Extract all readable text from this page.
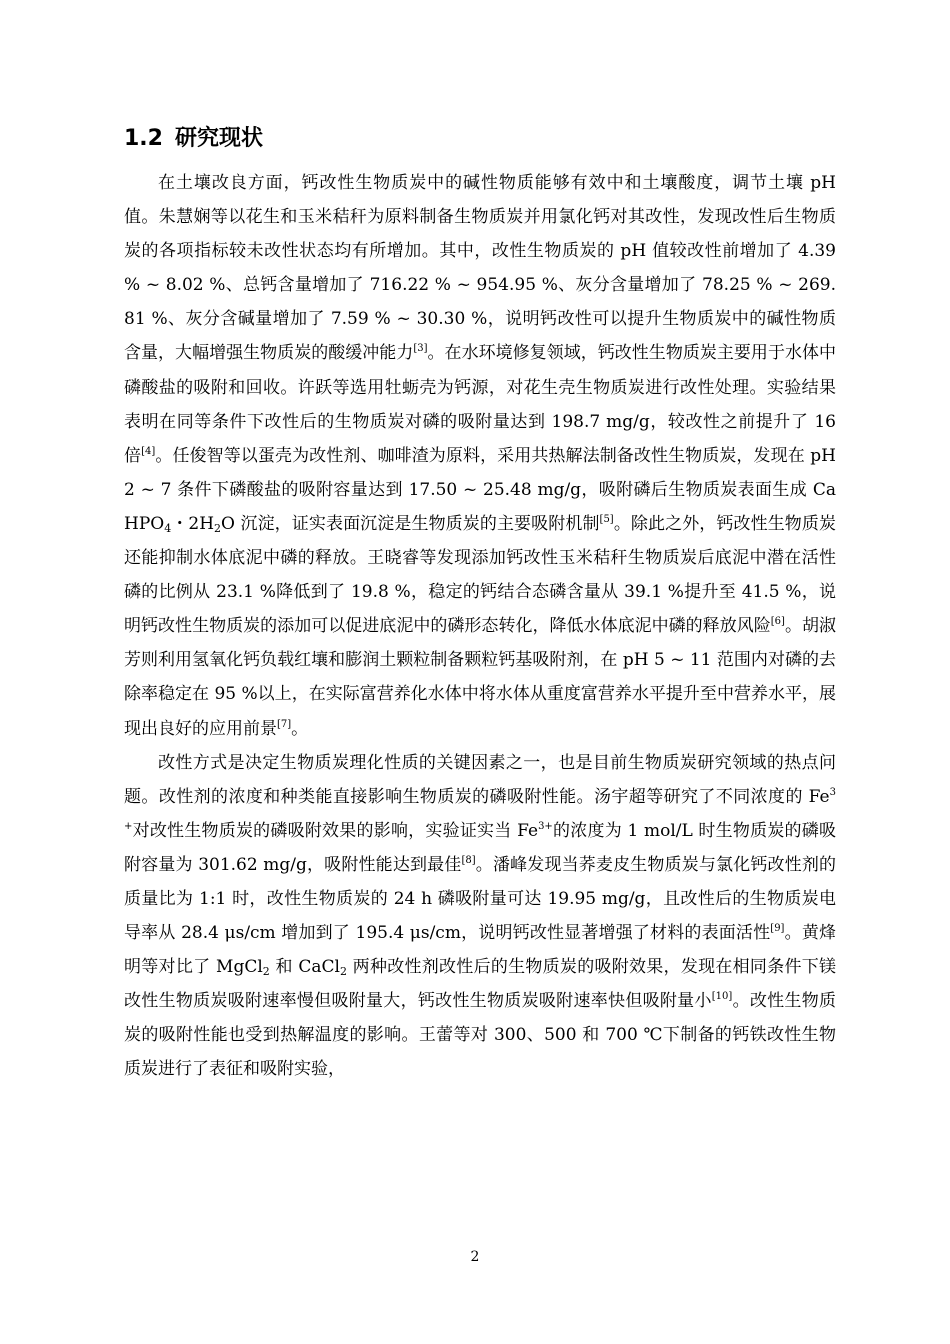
1.2 研究现状

在土壤改良方面，钙改性生物质炭中的碱性物质能够有效中和土壤酸度，调节土壤 pH 值。朱慧娴等以花生和玉米秸秆为原料制备生物质炭并用氯化钙对其改性，发现改性后生物质炭的各项指标较未改性状态均有所增加。其中，改性生物质炭的 pH 值较改性前增加了 4.39 % ~ 8.02 %、总钙含量增加了 716.22 % ~ 954.95 %、灰分含量增加了 78.25 % ~ 269.81 %、灰分含碱量增加了 7.59 % ~ 30.30 %，说明钙改性可以提升生物质炭中的碱性物质含量，大幅增强生物质炭的酸缓冲能力[3]。在水环境修复领域，钙改性生物质炭主要用于水体中磷酸盐的吸附和回收。许跃等选用牡蛎壳为钙源，对花生壳生物质炭进行改性处理。实验结果表明在同等条件下改性后的生物质炭对磷的吸附量达到 198.7 mg/g，较改性之前提升了 16 倍[4]。任俊智等以蛋壳为改性剂、咖啡渣为原料，采用共热解法制备改性生物质炭，发现在 pH 2 ~ 7 条件下磷酸盐的吸附容量达到 17.50 ~ 25.48 mg/g，吸附磷后生物质炭表面生成 CaHPO$_4$・$2H_2O$ 沉淀，证实表面沉淀是生物质炭的主要吸附机制[5]。除此之外，钙改性生物质炭还能抑制水体底泥中磷的释放。王晓睿等发现添加钙改性玉米秸秆生物质炭后底泥中潜在活性磷的比例从 23.1 %降低到了 19.8 %，稳定的钙结合态磷含量从 39.1 %提升至 41.5 %，说明钙改性生物质炭的添加可以促进底泥中的磷形态转化，降低水体底泥中磷的释放风险[6]。胡淑芳则利用氢氧化钙负载红壤和膨润土颗粒制备颗粒钙基吸附剂，在 pH 5 ~ 11 范围内对磷的去除率稳定在 95 %以上，在实际富营养化水体中将水体从重度富营养水平提升至中营养水平，展现出良好的应用前景[7]。

改性方式是决定生物质炭理化性质的关键因素之一，也是目前生物质炭研究领域的热点问题。改性剂的浓度和种类能直接影响生物质炭的磷吸附性能。汤宇超等研究了不同浓度的 $Fe^{3+}$对改性生物质炭的磷吸附效果的影响，实验证实当 $Fe^{3+}$的浓度为 1 mol/L 时生物质炭的磷吸附容量为 301.62 mg/g，吸附性能达到最佳[8]。潘峰发现当荞麦皮生物质炭与氯化钙改性剂的质量比为 1:1 时，改性生物质炭的 24 h 磷吸附量可达 19.95 mg/g，且改性后的生物质炭电导率从 28.4 μs/cm 增加到了 195.4 μs/cm，说明钙改性显著增强了材料的表面活性[9]。黄烽明等对比了 MgCl$_2$ 和 CaCl$_2$ 两种改性剂改性后的生物质炭的吸附效果，发现在相同条件下镁改性生物质炭吸附速率慢但吸附量大，钙改性生物质炭吸附速率快但吸附量小[10]。改性生物质炭的吸附性能也受到热解温度的影响。王蕾等对 300、500 和 700 ℃下制备的钙铁改性生物质炭进行了表征和吸附实验，

2
